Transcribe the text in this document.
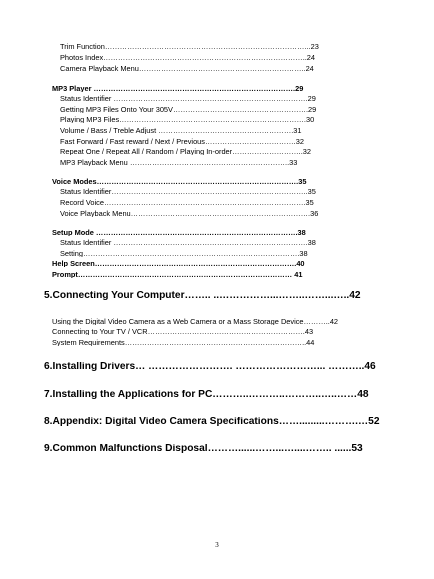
Trim Function………………………………………………………………………...23
Photos Index………………………………………………………………………..24
Camera Playback Menu…………………………………………………………..24
MP3 Player ……………………………………………………………………….29
Status Identifier …………………………………………………………………….29
Getting MP3 Files Onto Your 305V……………………………………………….29
Playing MP3 Files………………………………………………………………….30
Volume / Bass / Treble Adjust ……………………………………………….31
Fast Forward / Fast reward / Next / Previous……………………………….32
Repeat One / Repeat All / Random / Playing In-order………………………..32
MP3 Playback Menu ………………………………………………………..33
Voice Modes……………………………………………………………………….35
Status Identifier……………………………………………………………………..35
Record Voice……………………………………………………………………….35
Voice Playback Menu……………………………………………………………….36
Setup Mode ……………………………………………………………………….38
Status Identifier …………………………………………………………………….38
Setting…………………………………………………………………………….38
Help Screen……………………………………………………………………….40
Prompt…………………………………………………………………………… 41
5.Connecting Your Computer…….. ..……………...……..……...…..42
Using the Digital Video Camera as a Web Camera or a Mass Storage Device………..42
Connecting to Your TV / VCR……………………………………………………….43
System Requirements………………………………………………………………..44
6.Installing Drivers… ……………………. ……………………... ………..46
7.Installing the Applications for PC………..………..………..…..……48
8.Appendix: Digital Video Camera Specifications…….........……….…52
9.Common Malfunctions Disposal………......……...…....…….. ......53
3
